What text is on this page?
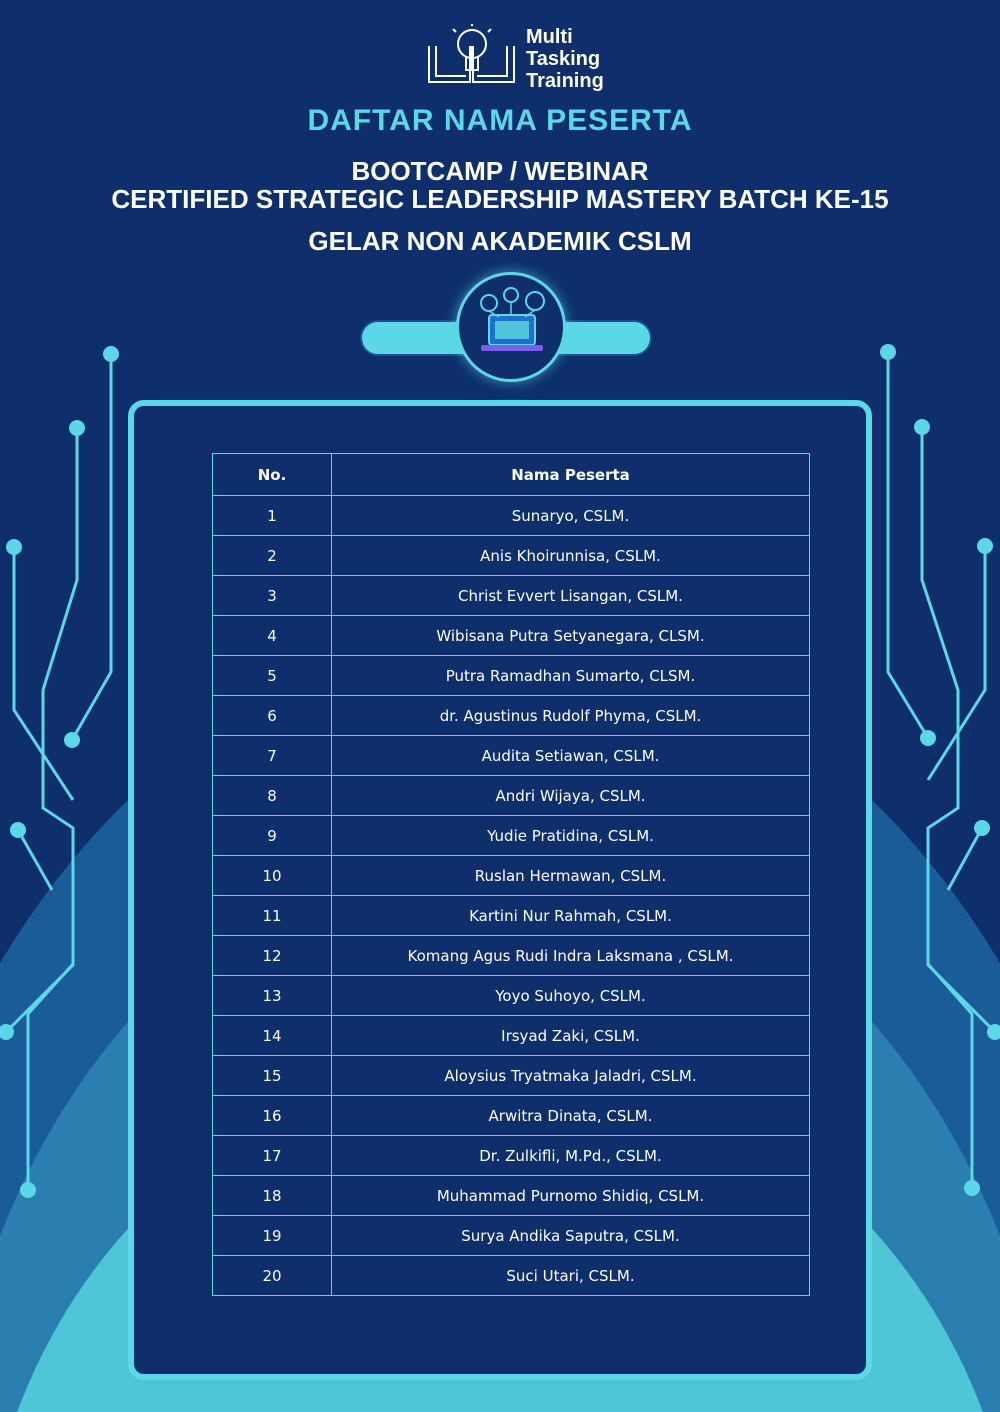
Multi
Tasking
Training
DAFTAR NAMA PESERTA
BOOTCAMP / WEBINAR
CERTIFIED STRATEGIC LEADERSHIP MASTERY BATCH KE-15
GELAR NON AKADEMIK CSLM
No.	Nama Peserta
1	Sunaryo, CSLM.
2	Anis Khoirunnisa, CSLM.
3	Christ Evvert Lisangan, CSLM.
4	Wibisana Putra Setyanegara, CLSM.
5	Putra Ramadhan Sumarto, CLSM.
6	dr. Agustinus Rudolf Phyma, CSLM.
7	Audita Setiawan, CSLM.
8	Andri Wijaya, CSLM.
9	Yudie Pratidina, CSLM.
10	Ruslan Hermawan, CSLM.
11	Kartini Nur Rahmah, CSLM.
12	Komang Agus Rudi Indra Laksmana , CSLM.
13	Yoyo Suhoyo, CSLM.
14	Irsyad Zaki, CSLM.
15	Aloysius Tryatmaka Jaladri, CSLM.
16	Arwitra Dinata, CSLM.
17	Dr. Zulkifli, M.Pd., CSLM.
18	Muhammad Purnomo Shidiq, CSLM.
19	Surya Andika Saputra, CSLM.
20	Suci Utari, CSLM.
